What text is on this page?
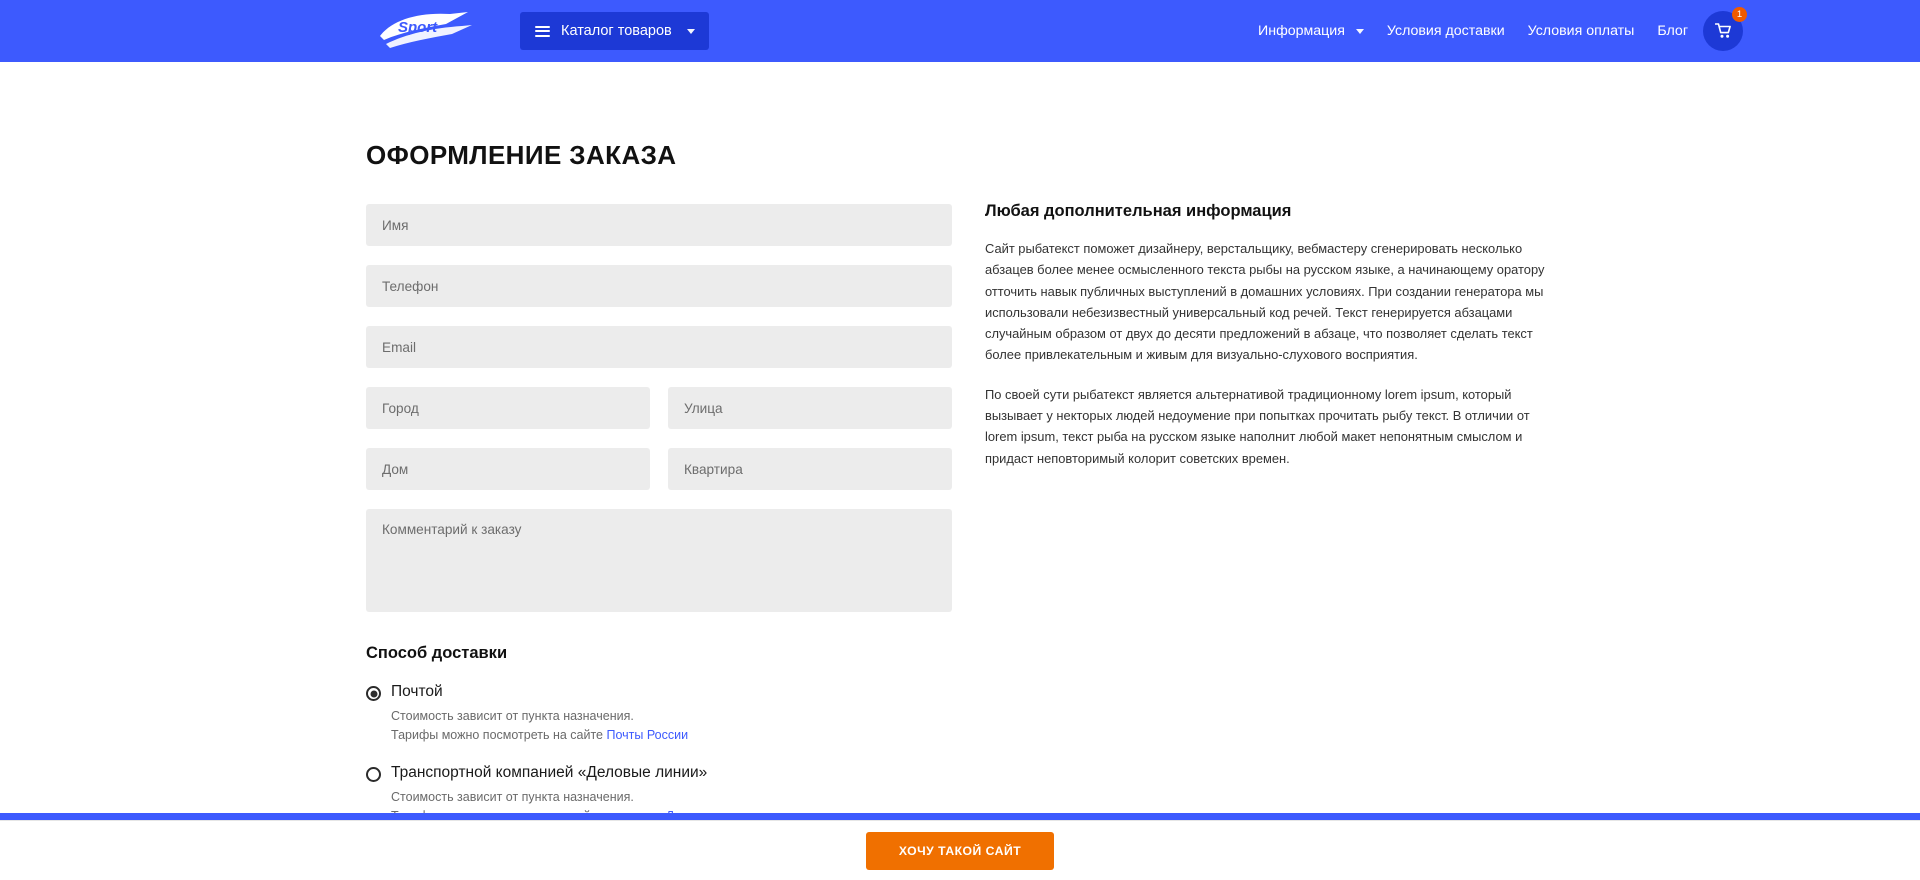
Sport	Каталог товаров	Информация	Условия доставки Условия оплаты Блог
1
ОФОРМЛЕНИЕ ЗАКАЗА
Имя
Телефон
Email
Город	Улица
Дом	Квартира
Комментарий к заказу
Способ доставки
Почтой
Стоимость зависит от пункта назначения.
Тарифы можно посмотреть на сайте Почты России
Транспортной компанией «Деловые линии»
Стоимость зависит от пункта назначения.
Любая дополнительная информация

Сайт рыбатекст поможет дизайнеру, верстальщику, вебмастеру сгенерировать несколько абзацев более менее осмысленного текста рыбы на русском языке, а начинающему оратору отточить навык публичных выступлений в домашних условиях. При создании генератора мы использовали небезизвестный универсальный код речей. Текст генерируется абзацами случайным образом от двух до десяти предложений в абзаце, что позволяет сделать текст более привлекательным и живым для визуально-слухового восприятия.

По своей сути рыбатекст является альтернативой традиционному lorem ipsum, который вызывает у некторых людей недоумение при попытках прочитать рыбу текст. В отличии от lorem ipsum, текст рыба на русском языке наполнит любой макет непонятным смыслом и придаст неповторимый колорит советских времен.

ХОЧУ ТАКОЙ САЙТ
